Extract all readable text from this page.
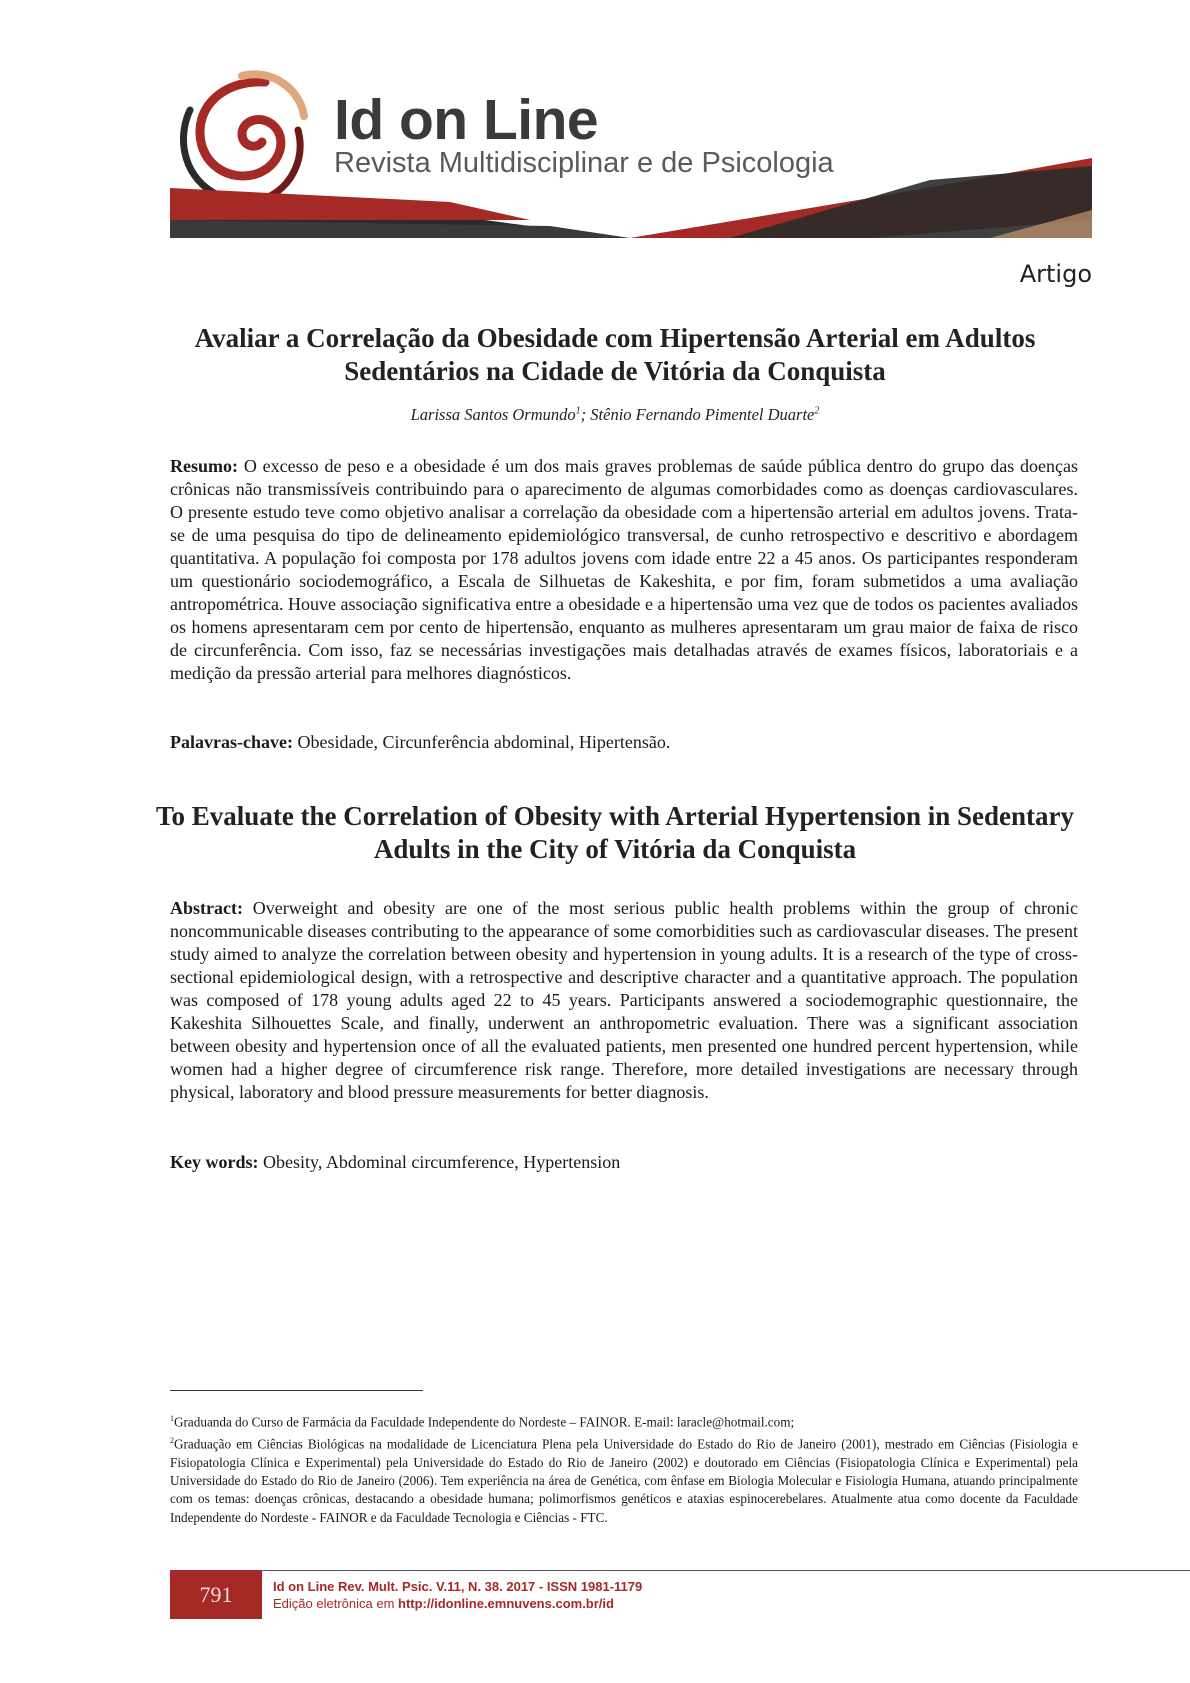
Id on Line
Revista Multidisciplinar e de Psicologia
Artigo
Avaliar a Correlação da Obesidade com Hipertensão Arterial em Adultos Sedentários na Cidade de Vitória da Conquista
Larissa Santos Ormundo$^1$; Stênio Fernando Pimentel Duarte$^2$
Resumo: O excesso de peso e a obesidade é um dos mais graves problemas de saúde pública dentro do grupo das doenças crônicas não transmissíveis contribuindo para o aparecimento de algumas comorbidades como as doenças cardiovasculares. O presente estudo teve como objetivo analisar a correlação da obesidade com a hipertensão arterial em adultos jovens. Trata-se de uma pesquisa do tipo de delineamento epidemiológico transversal, de cunho retrospectivo e descritivo e abordagem quantitativa. A população foi composta por 178 adultos jovens com idade entre 22 a 45 anos. Os participantes responderam um questionário sociodemográfico, a Escala de Silhuetas de Kakeshita, e por fim, foram submetidos a uma avaliação antropométrica. Houve associação significativa entre a obesidade e a hipertensão uma vez que de todos os pacientes avaliados os homens apresentaram cem por cento de hipertensão, enquanto as mulheres apresentaram um grau maior de faixa de risco de circunferência. Com isso, faz se necessárias investigações mais detalhadas através de exames físicos, laboratoriais e a medição da pressão arterial para melhores diagnósticos.
Palavras-chave: Obesidade, Circunferência abdominal, Hipertensão.
To Evaluate the Correlation of Obesity with Arterial Hypertension in Sedentary Adults in the City of Vitória da Conquista
Abstract: Overweight and obesity are one of the most serious public health problems within the group of chronic noncommunicable diseases contributing to the appearance of some comorbidities such as cardiovascular diseases. The present study aimed to analyze the correlation between obesity and hypertension in young adults. It is a research of the type of cross-sectional epidemiological design, with a retrospective and descriptive character and a quantitative approach. The population was composed of 178 young adults aged 22 to 45 years. Participants answered a sociodemographic questionnaire, the Kakeshita Silhouettes Scale, and finally, underwent an anthropometric evaluation. There was a significant association between obesity and hypertension once of all the evaluated patients, men presented one hundred percent hypertension, while women had a higher degree of circumference risk range. Therefore, more detailed investigations are necessary through physical, laboratory and blood pressure measurements for better diagnosis.
Key words: Obesity, Abdominal circumference, Hypertension

$^1$Graduanda do Curso de Farmácia da Faculdade Independente do Nordeste – FAINOR. E-mail: laracle@hotmail.com;

$^2$Graduação em Ciências Biológicas na modalidade de Licenciatura Plena pela Universidade do Estado do Rio de Janeiro (2001), mestrado em Ciências (Fisiologia e Fisiopatologia Clínica e Experimental) pela Universidade do Estado do Rio de Janeiro (2002) e doutorado em Ciências (Fisiopatologia Clínica e Experimental) pela Universidade do Estado do Rio de Janeiro (2006). Tem experiência na área de Genética, com ênfase em Biologia Molecular e Fisiologia Humana, atuando principalmente com os temas: doenças crônicas, destacando a obesidade humana; polimorfismos genéticos e ataxias espinocerebelares. Atualmente atua como docente da Faculdade Independente do Nordeste - FAINOR e da Faculdade Tecnologia e Ciências - FTC.

791	Id on Line Rev. Mult. Psic. V.11, N. 38. 2017 - ISSN 1981-1179
Edição eletrônica em http://idonline.emnuvens.com.br/id
